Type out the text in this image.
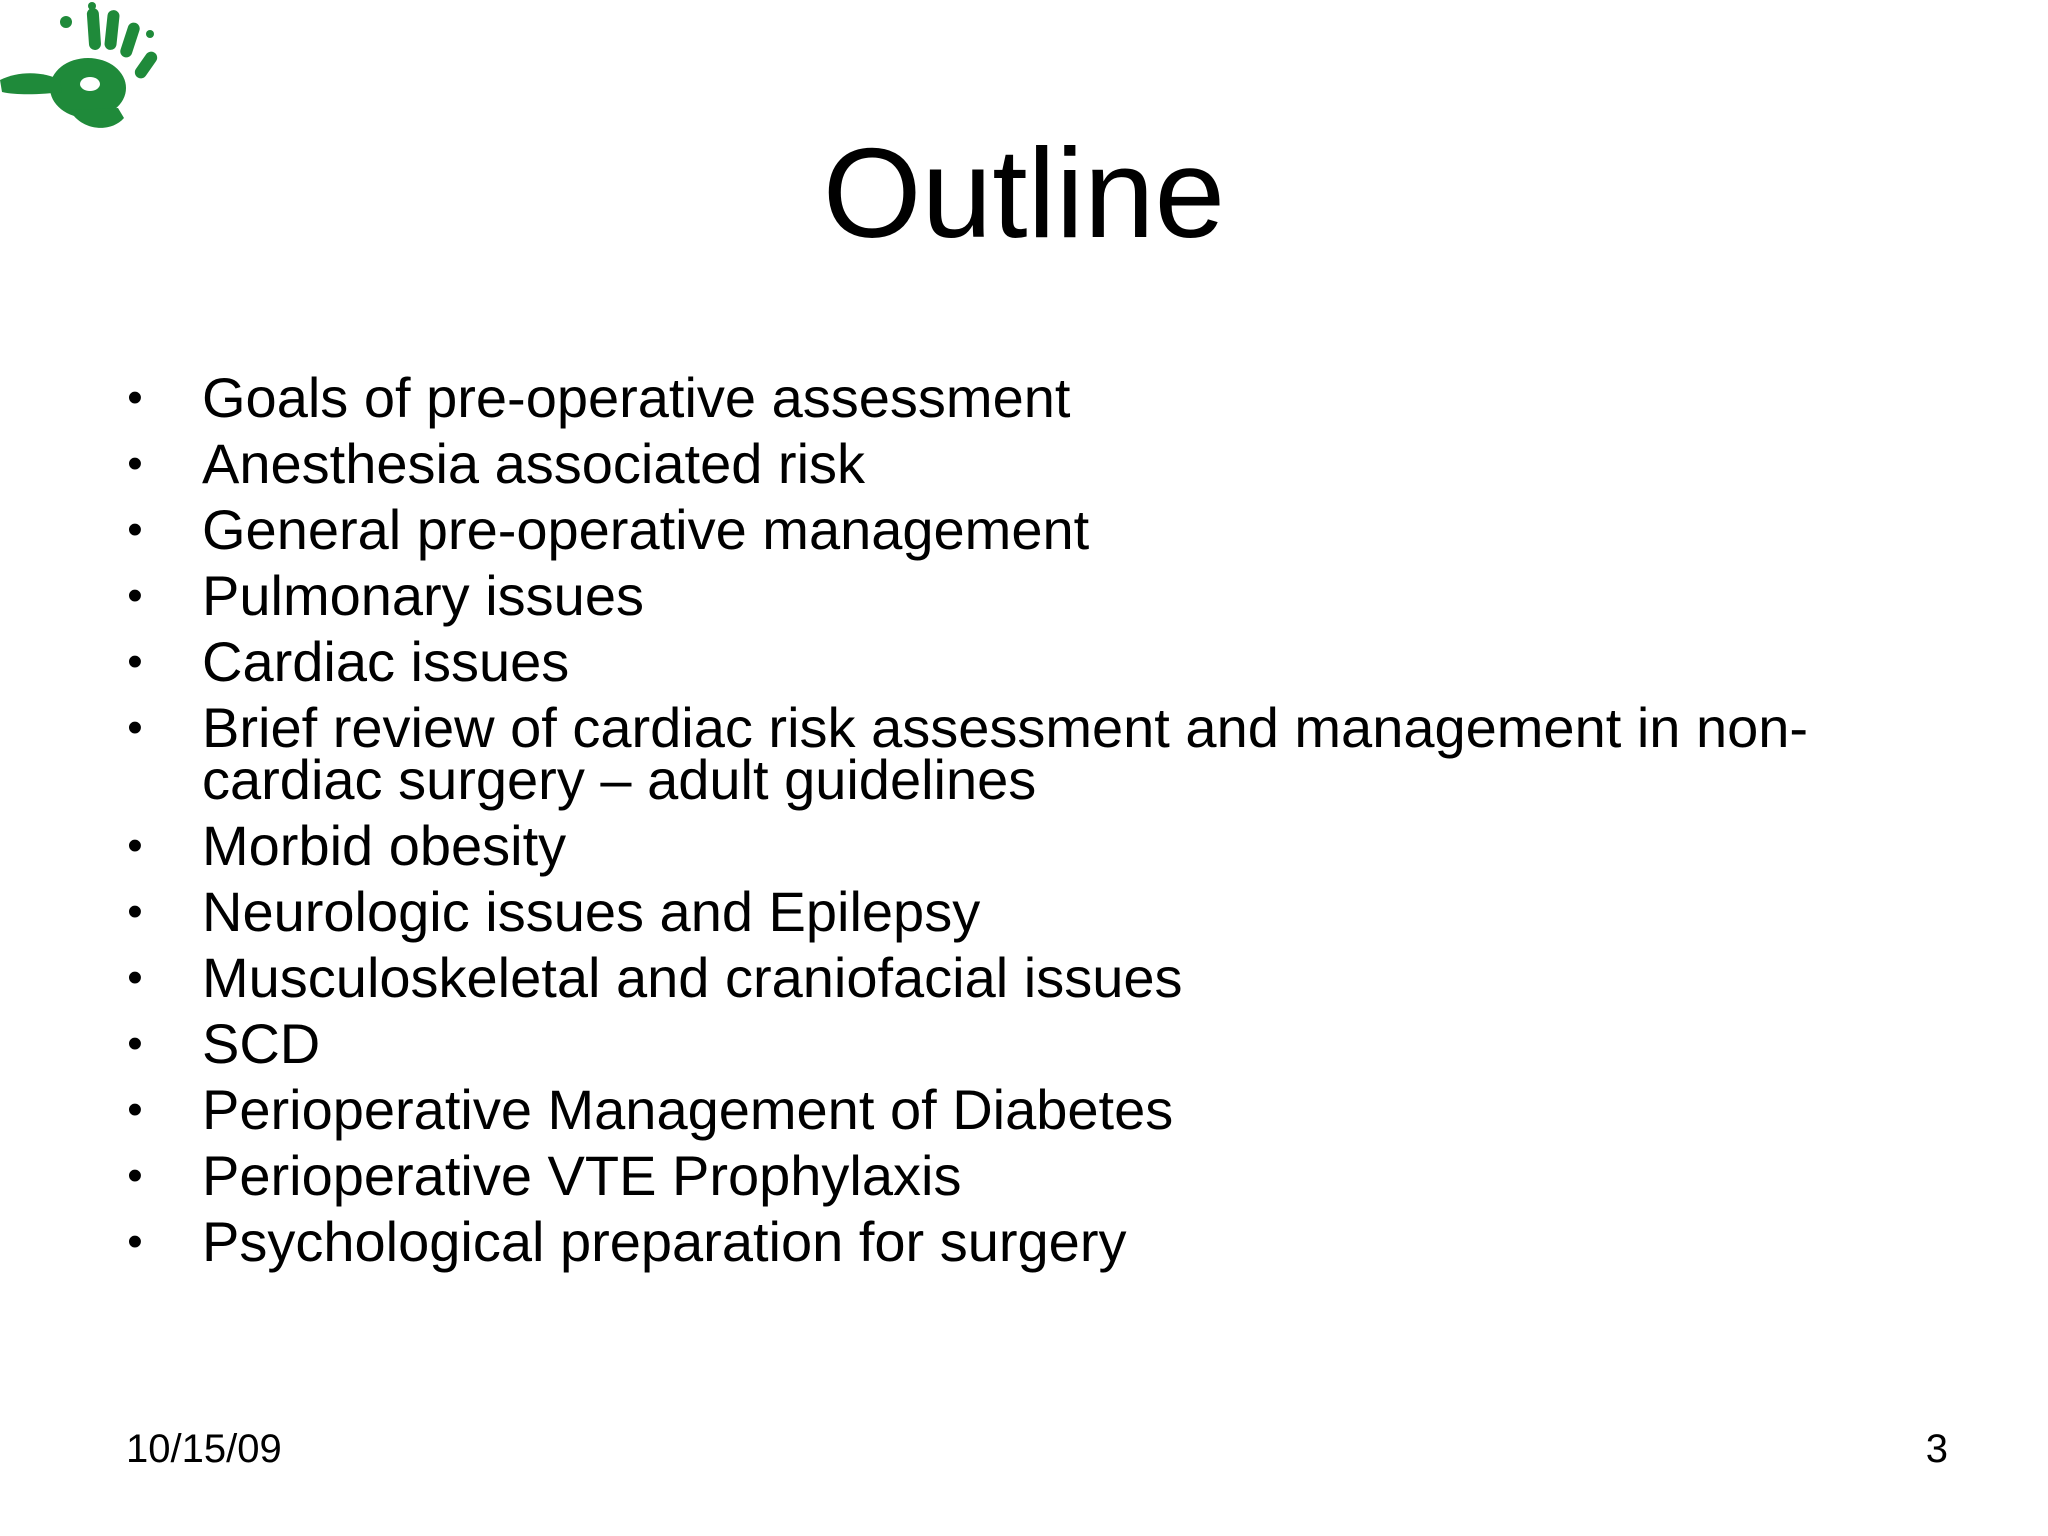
Outline
• Goals of pre-operative assessment
• Anesthesia associated risk
• General pre-operative management
• Pulmonary issues
• Cardiac issues
• Brief review of cardiac risk assessment and management in non-cardiac surgery – adult guidelines
• Morbid obesity
• Neurologic issues and Epilepsy
• Musculoskeletal and craniofacial issues
• SCD
• Perioperative Management of Diabetes
• Perioperative VTE Prophylaxis
• Psychological preparation for surgery
10/15/09	3
